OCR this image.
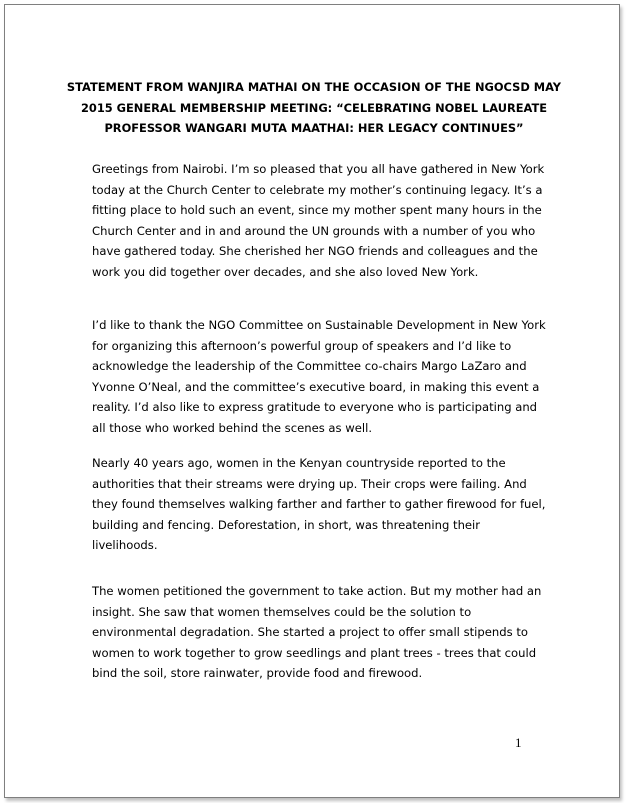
STATEMENT FROM WANJIRA MATHAI ON THE OCCASION OF THE NGOCSD MAY
2015 GENERAL MEMBERSHIP MEETING: “CELEBRATING NOBEL LAUREATE
PROFESSOR WANGARI MUTA MAATHAI: HER LEGACY CONTINUES”
Greetings from Nairobi. I’m so pleased that you all have gathered in New York
today at the Church Center to celebrate my mother’s continuing legacy. It’s a
fitting place to hold such an event, since my mother spent many hours in the
Church Center and in and around the UN grounds with a number of you who
have gathered today. She cherished her NGO friends and colleagues and the
work you did together over decades, and she also loved New York.
I’d like to thank the NGO Committee on Sustainable Development in New York
for organizing this afternoon’s powerful group of speakers and I’d like to
acknowledge the leadership of the Committee co-chairs Margo LaZaro and
Yvonne O’Neal, and the committee’s executive board, in making this event a
reality. I’d also like to express gratitude to everyone who is participating and
all those who worked behind the scenes as well.
Nearly 40 years ago, women in the Kenyan countryside reported to the
authorities that their streams were drying up. Their crops were failing. And
they found themselves walking farther and farther to gather firewood for fuel,
building and fencing. Deforestation, in short, was threatening their
livelihoods.
The women petitioned the government to take action. But my mother had an
insight. She saw that women themselves could be the solution to
environmental degradation. She started a project to offer small stipends to
women to work together to grow seedlings and plant trees - trees that could
bind the soil, store rainwater, provide food and firewood.
1
